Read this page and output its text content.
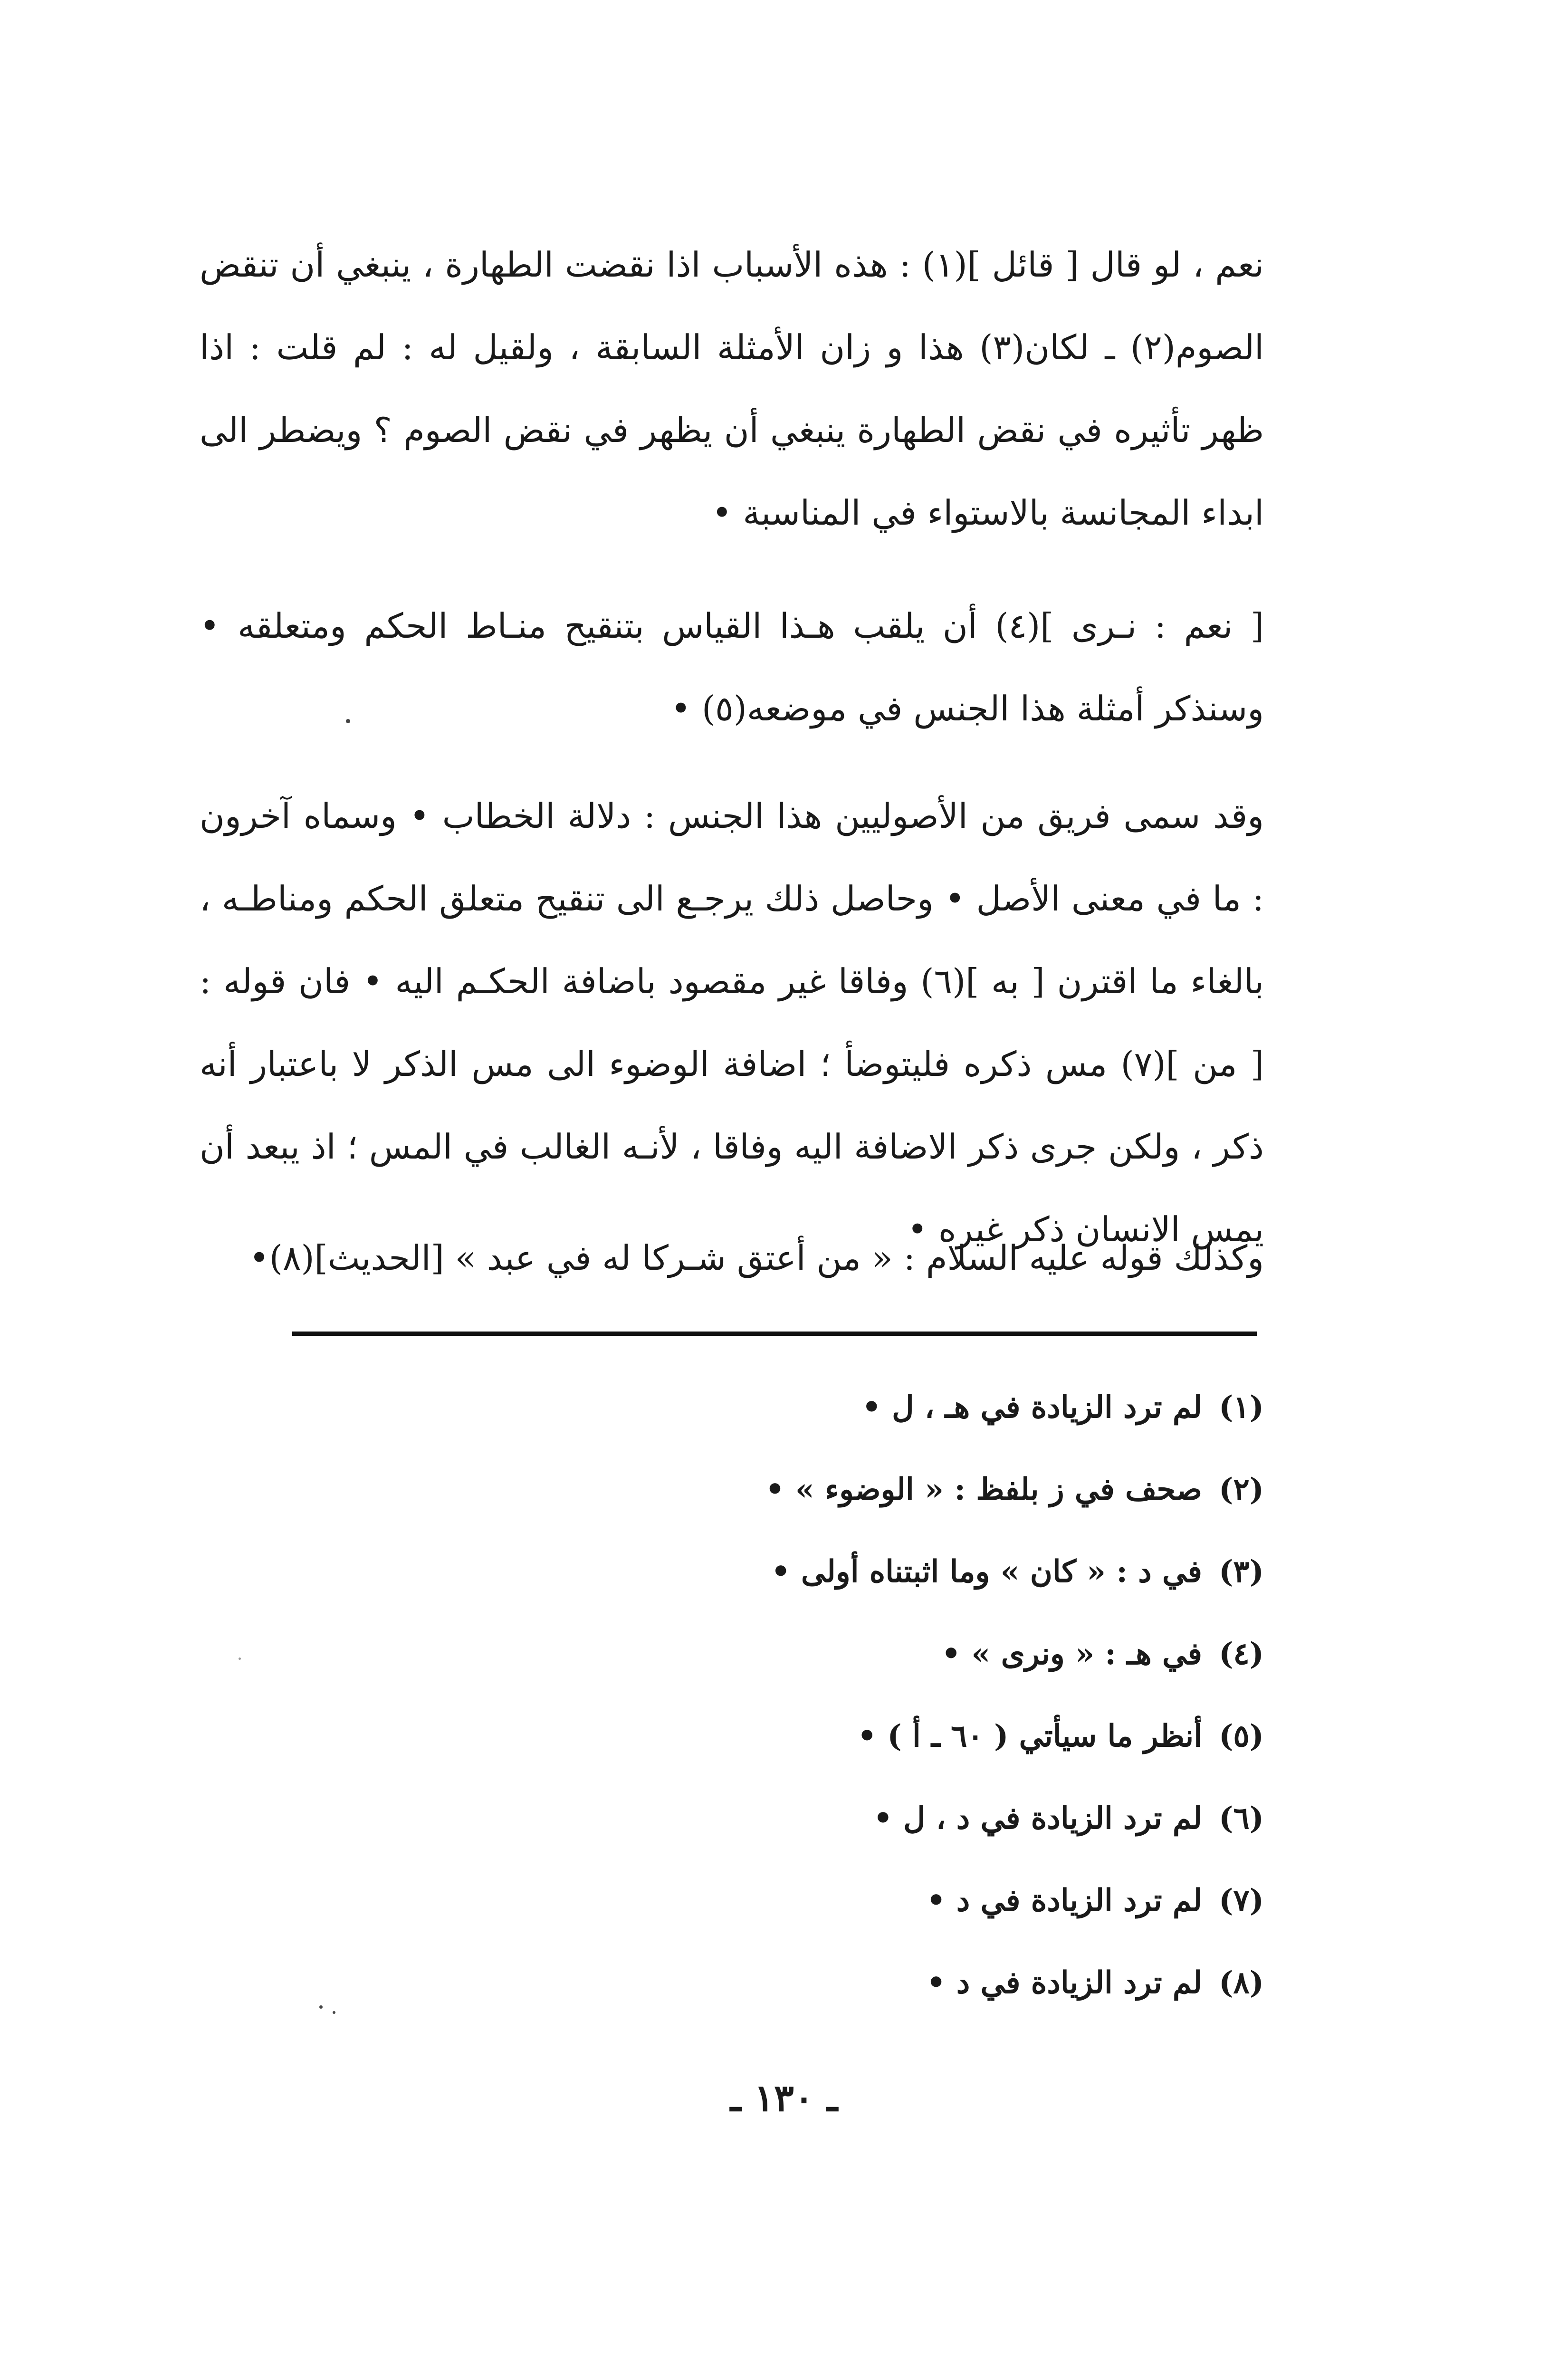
نعم ، لو قال [ قائل ](١) : هذه الأسباب اذا نقضت الطهارة ، ينبغي أن تنقض الصوم(٢) ـ لكان(٣) هذا و زان الأمثلة السابقة ، ولقيل له : لم قلت : اذا ظهر تأثيره في نقض الطهارة ينبغي أن يظهر في نقض الصوم ؟ ويضطر الى ابداء المجانسة بالاستواء في المناسبة •

[ نعم : نـرى ](٤) أن يلقب هـذا القياس بتنقيح منـاط الحكم ومتعلقه • وسنذكر أمثلة هذا الجنس في موضعه(٥) •

وقد سمى فريق من الأصوليين هذا الجنس : دلالة الخطاب • وسماه آخرون : ما في معنى الأصل • وحاصل ذلك يرجـع الى تنقيح متعلق الحكم ومناطـه ، بالغاء ما اقترن [ به ](٦) وفاقا غير مقصود باضافة الحكـم اليه • فان قوله : [ من ](٧) مس ذكره فليتوضأ ؛ اضافة الوضوء الى مس الذكر لا باعتبار أنه ذكر ، ولكن جرى ذكر الاضافة اليه وفاقا ، لأنـه الغالب في المس ؛ اذ يبعد أن يمس الانسان ذكر غيره •

وكذلك قوله عليه السلام : « من أعتق شـركا له في عبد » [الحديث](٨)•

(١)لم ترد الزيادة في هـ ، ل •
(٢)صحف في ز بلفظ : « الوضوء » •
(٣)في د : « كان » وما اثبتناه أولى •
(٤)في هـ : « ونرى » •
(٥)أنظر ما سيأتي ( ٦٠ ـ أ ) •
(٦)لم ترد الزيادة في د ، ل •
(٧)لم ترد الزيادة في د •
(٨)لم ترد الزيادة في د •
ـ ١٣٠ ـ
